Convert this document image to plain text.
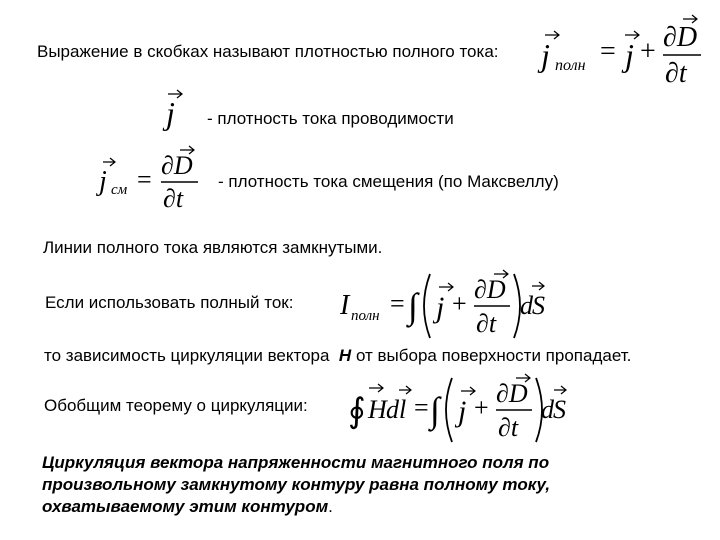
Выражение в скобках называют плотностью полного тока: j полн = j + ∂D
∂t
j - плотность тока проводимости
j см = ∂D
∂t
- плотность тока смещения (по Максвеллу)
Линии полного тока являются замкнутыми.
Если использовать полный ток: I полн = ∫ j + ∂D
∂t
d S
то зависимость циркуляции вектора H от выбора поверхности пропадает.
Обобщим теорему о циркуляции: ∮ H dl = ∫ j + ∂D
∂t
d S
Циркуляция вектора напряженности магнитного поля по произвольному замкнутому контуру равна полному току, охватываемому этим контуром.
